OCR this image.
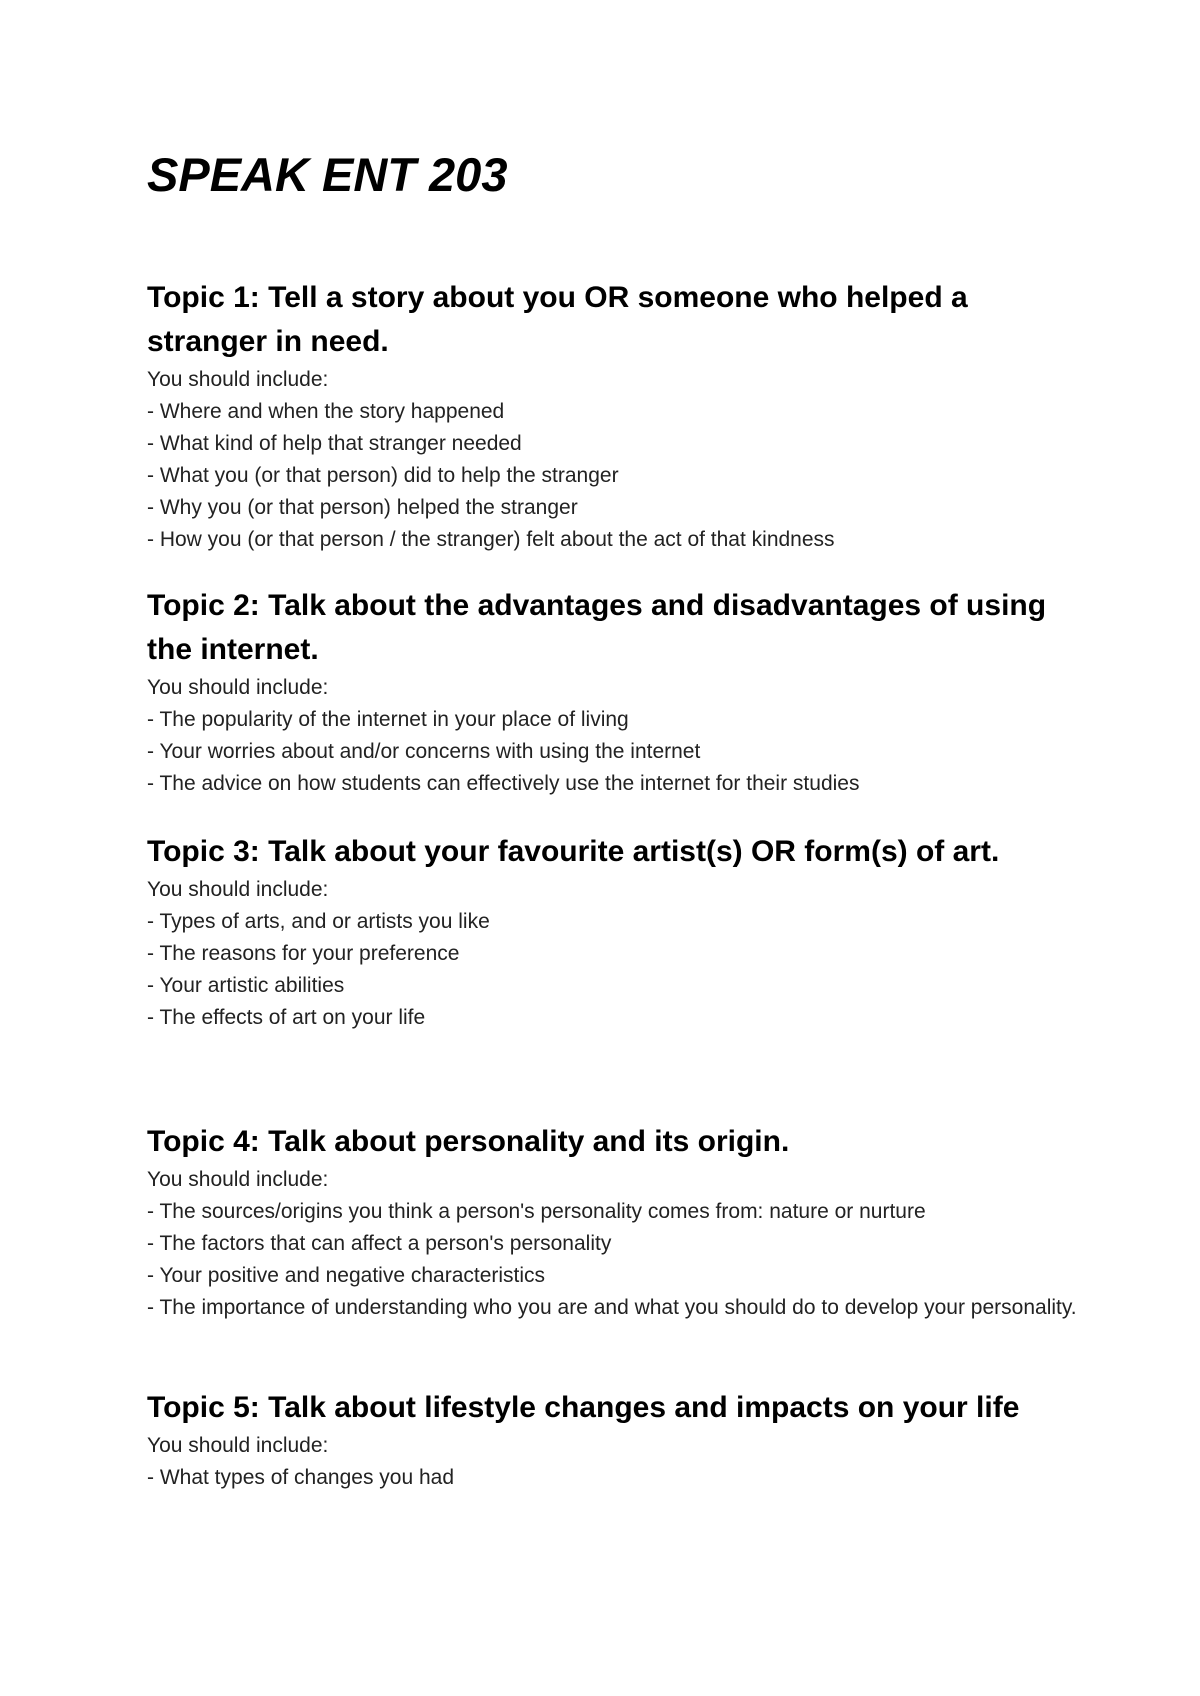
SPEAK ENT 203
Topic 1: Tell a story about you OR someone who helped a stranger in need.
You should include:
- Where and when the story happened
- What kind of help that stranger needed
- What you (or that person) did to help the stranger
- Why you (or that person) helped the stranger
- How you (or that person / the stranger) felt about the act of that kindness
Topic 2: Talk about the advantages and disadvantages of using the internet.
You should include:
- The popularity of the internet in your place of living
- Your worries about and/or concerns with using the internet
- The advice on how students can effectively use the internet for their studies
Topic 3: Talk about your favourite artist(s) OR form(s) of art.
You should include:
- Types of arts, and or artists you like
- The reasons for your preference
- Your artistic abilities
- The effects of art on your life
Topic 4: Talk about personality and its origin.
You should include:
- The sources/origins you think a person's personality comes from: nature or nurture
- The factors that can affect a person's personality
- Your positive and negative characteristics
- The importance of understanding who you are and what you should do to develop your personality.
Topic 5: Talk about lifestyle changes and impacts on your life
You should include:
- What types of changes you had
